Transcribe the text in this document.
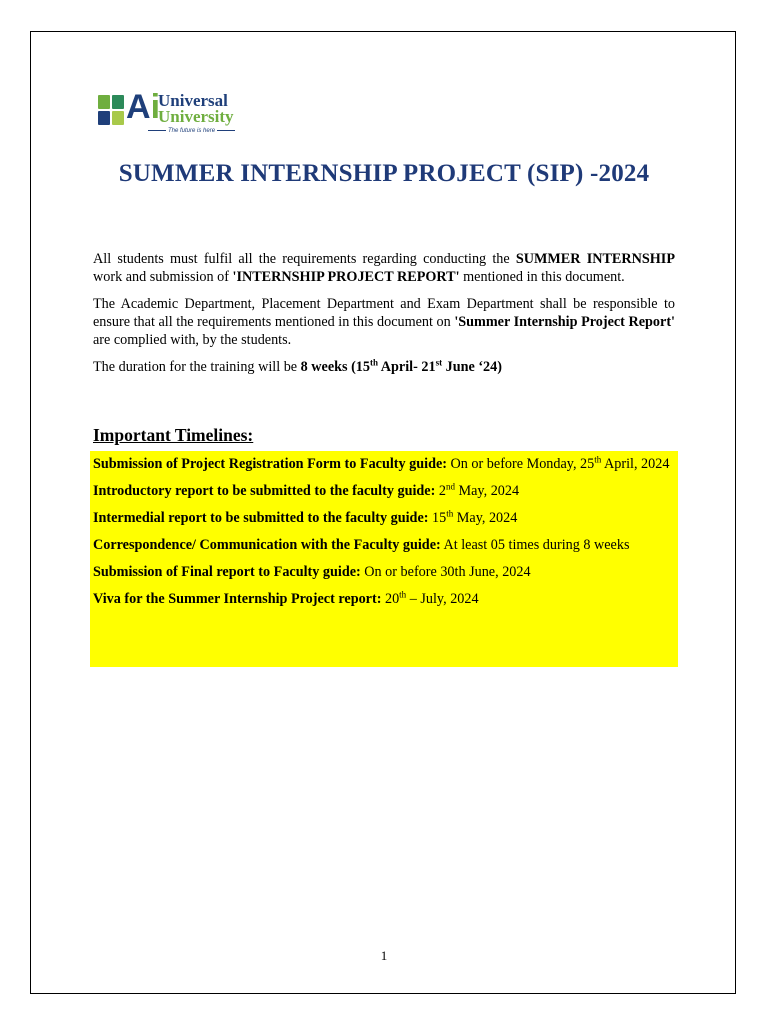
Ai
Universal
University
The future is here
SUMMER INTERNSHIP PROJECT (SIP) -2024

All students must fulfil all the requirements regarding conducting the SUMMER INTERNSHIP work and submission of 'INTERNSHIP PROJECT REPORT' mentioned in this document.

The Academic Department, Placement Department and Exam Department shall be responsible to ensure that all the requirements mentioned in this document on 'Summer Internship Project Report' are complied with, by the students.

The duration for the training will be 8 weeks (15th April- 21st June ‘24)

Important Timelines:

Submission of Project Registration Form to Faculty guide: On or before Monday, 25th April, 2024

Introductory report to be submitted to the faculty guide: 2nd May, 2024

Intermedial report to be submitted to the faculty guide: 15th May, 2024

Correspondence/ Communication with the Faculty guide: At least 05 times during 8 weeks

Submission of Final report to Faculty guide: On or before 30th June, 2024

Viva for the Summer Internship Project report: 20th – July, 2024

1
